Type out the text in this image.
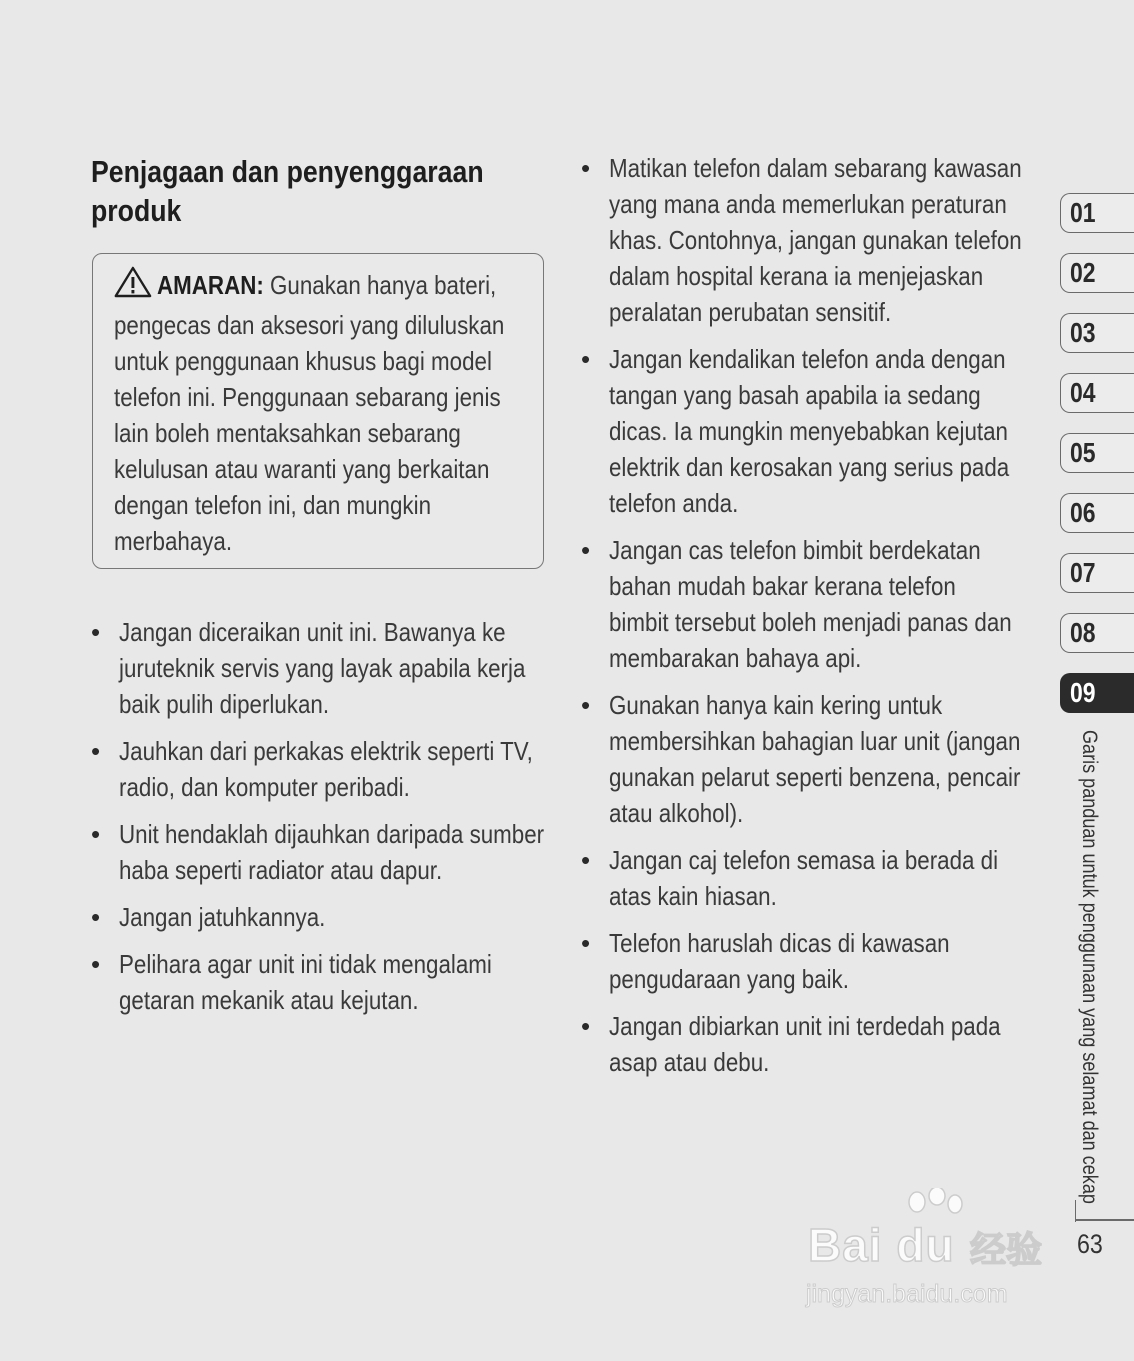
Penjagaan dan penyenggaraan
produk
AMARAN: Gunakan hanya bateri,
pengecas dan aksesori yang diluluskan
untuk penggunaan khusus bagi model
telefon ini. Penggunaan sebarang jenis
lain boleh mentaksahkan sebarang
kelulusan atau waranti yang berkaitan
dengan telefon ini, dan mungkin
merbahaya.
• Jangan diceraikan unit ini. Bawanya ke
juruteknik servis yang layak apabila kerja
baik pulih diperlukan.
• Jauhkan dari perkakas elektrik seperti TV,
radio, dan komputer peribadi.
• Unit hendaklah dijauhkan daripada sumber
haba seperti radiator atau dapur.
• Jangan jatuhkannya.
• Pelihara agar unit ini tidak mengalami
getaran mekanik atau kejutan.
• Matikan telefon dalam sebarang kawasan
yang mana anda memerlukan peraturan
khas. Contohnya, jangan gunakan telefon
dalam hospital kerana ia menjejaskan
peralatan perubatan sensitif.
• Jangan kendalikan telefon anda dengan
tangan yang basah apabila ia sedang
dicas. Ia mungkin menyebabkan kejutan
elektrik dan kerosakan yang serius pada
telefon anda.
• Jangan cas telefon bimbit berdekatan
bahan mudah bakar kerana telefon
bimbit tersebut boleh menjadi panas dan
membarakan bahaya api.
• Gunakan hanya kain kering untuk
membersihkan bahagian luar unit (jangan
gunakan pelarut seperti benzena, pencair
atau alkohol).
• Jangan caj telefon semasa ia berada di
atas kain hiasan.
• Telefon haruslah dicas di kawasan
pengudaraan yang baik.
• Jangan dibiarkan unit ini terdedah pada
asap atau debu.
01
02
03
04
05
06
07
08
09
Garis panduan untuk penggunaan yang selamat dan cekap
63
Bai du 经验
jingyan.baidu.com
